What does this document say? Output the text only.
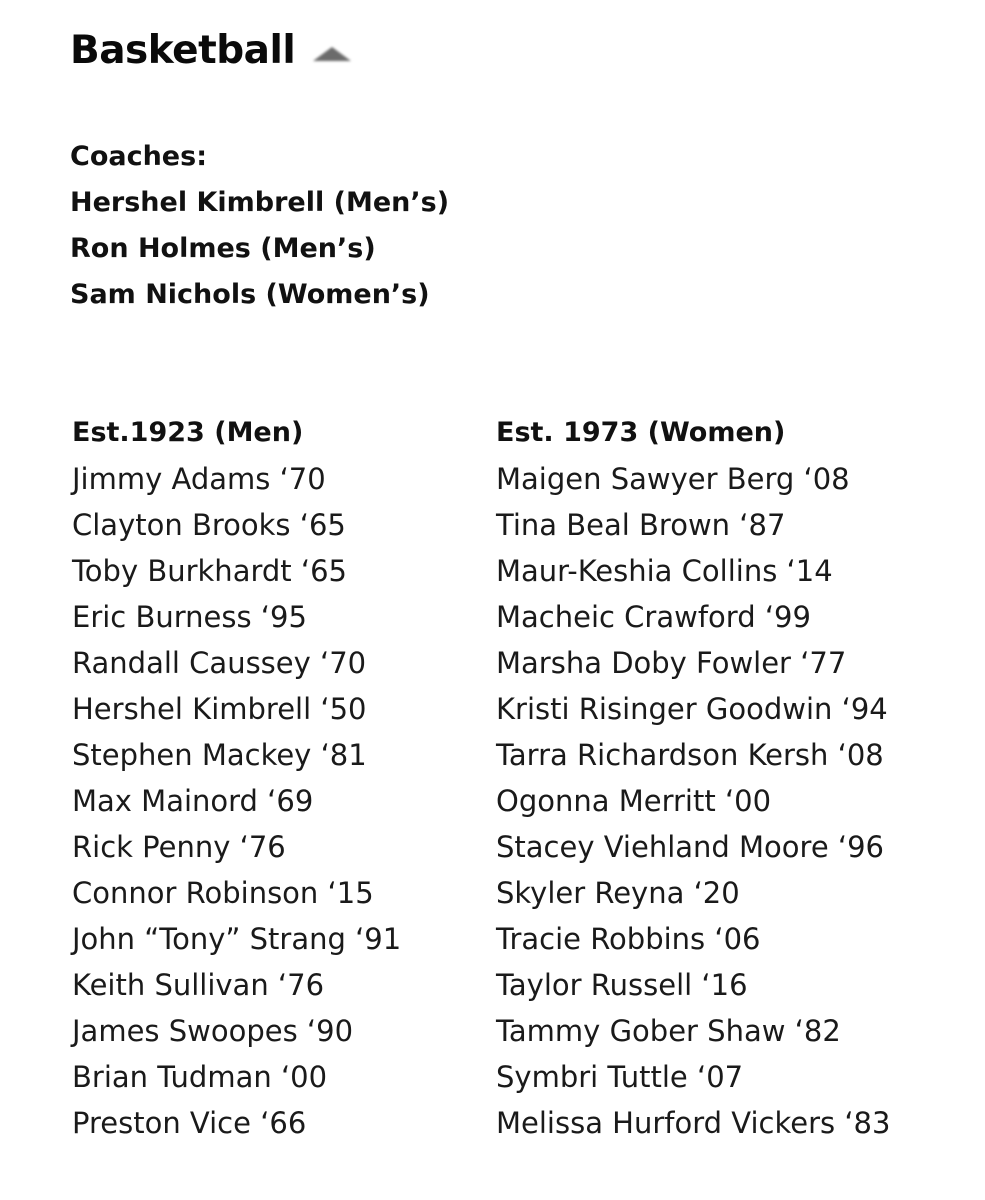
Basketball
Coaches:
Hershel Kimbrell (Men’s)
Ron Holmes (Men’s)
Sam Nichols (Women’s)
Est.1923 (Men)
Jimmy Adams ‘70
Clayton Brooks ‘65
Toby Burkhardt ‘65
Eric Burness ‘95
Randall Caussey ‘70
Hershel Kimbrell ‘50
Stephen Mackey ‘81
Max Mainord ‘69
Rick Penny ‘76
Connor Robinson ‘15
John “Tony” Strang ‘91
Keith Sullivan ‘76
James Swoopes ‘90
Brian Tudman ‘00
Preston Vice ‘66
Est. 1973 (Women)
Maigen Sawyer Berg ‘08
Tina Beal Brown ‘87
Maur-Keshia Collins ‘14
Macheic Crawford ‘99
Marsha Doby Fowler ‘77
Kristi Risinger Goodwin ‘94
Tarra Richardson Kersh ‘08
Ogonna Merritt ‘00
Stacey Viehland Moore ‘96
Skyler Reyna ‘20
Tracie Robbins ‘06
Taylor Russell ‘16
Tammy Gober Shaw ‘82
Symbri Tuttle ‘07
Melissa Hurford Vickers ‘83
